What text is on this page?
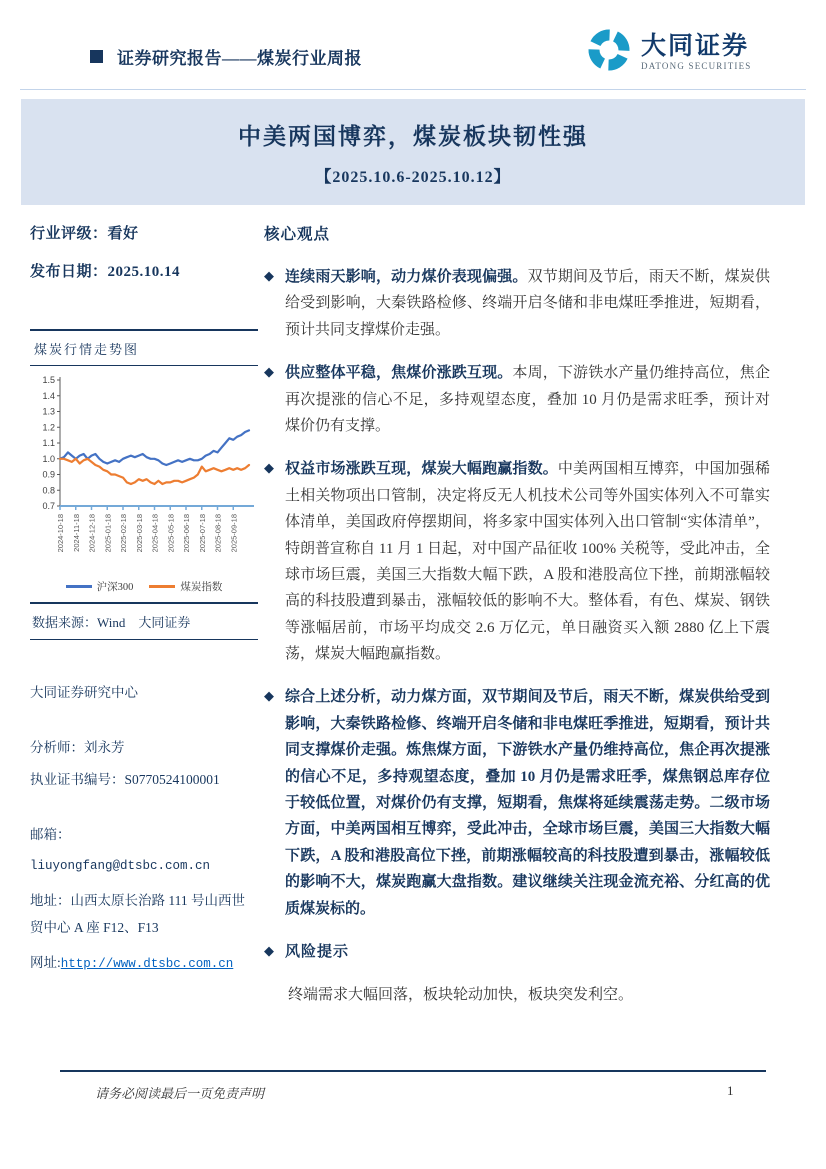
证券研究报告——煤炭行业周报	大同证券
DATONG SECURITIES
中美两国博弈，煤炭板块韧性强
【2025.10.6-2025.10.12】
行业评级：看好
发布日期：2025.10.14
煤炭行情走势图
0.7
0.8
0.9
1.0
1.1
1.2
1.3
1.4
1.5
2024-10-18 2024-11-18 2024-12-18 2025-01-18 2025-02-18 2025-03-18 2025-04-18 2025-05-18 2025-06-18 2025-07-18 2025-08-18 2025-09-18
沪深300	煤炭指数
数据来源：Wind　大同证券
大同证券研究中心
分析师：刘永芳
执业证书编号：S0770524100001
邮箱：
liuyongfang@dtsbc.com.cn
地址：山西太原长治路 111 号山西世贸中心 A 座 F12、F13
网址:http://www.dtsbc.com.cn
核心观点
◆ 连续雨天影响，动力煤价表现偏强。双节期间及节后，雨天不断，煤炭供给受到影响，大秦铁路检修、终端开启冬储和非电煤旺季推进，短期看，预计共同支撑煤价走强。
◆ 供应整体平稳，焦煤价涨跌互现。本周，下游铁水产量仍维持高位，焦企再次提涨的信心不足，多持观望态度，叠加 10 月仍是需求旺季，预计对煤价仍有支撑。
◆ 权益市场涨跌互现，煤炭大幅跑赢指数。中美两国相互博弈，中国加强稀土相关物项出口管制，决定将反无人机技术公司等外国实体列入不可靠实体清单，美国政府停摆期间，将多家中国实体列入出口管制“实体清单”，特朗普宣称自 11 月 1 日起，对中国产品征收 100% 关税等，受此冲击，全球市场巨震，美国三大指数大幅下跌，A 股和港股高位下挫，前期涨幅较高的科技股遭到暴击，涨幅较低的影响不大。整体看，有色、煤炭、钢铁等涨幅居前，市场平均成交 2.6 万亿元，单日融资买入额 2880 亿上下震荡，煤炭大幅跑赢指数。
◆ 综合上述分析，动力煤方面，双节期间及节后，雨天不断，煤炭供给受到影响，大秦铁路检修、终端开启冬储和非电煤旺季推进，短期看，预计共同支撑煤价走强。炼焦煤方面，下游铁水产量仍维持高位，焦企再次提涨的信心不足，多持观望态度，叠加 10 月仍是需求旺季，煤焦钢总库存位于较低位置，对煤价仍有支撑，短期看，焦煤将延续震荡走势。二级市场方面，中美两国相互博弈，受此冲击，全球市场巨震，美国三大指数大幅下跌，A 股和港股高位下挫，前期涨幅较高的科技股遭到暴击，涨幅较低的影响不大，煤炭跑赢大盘指数。建议继续关注现金流充裕、分红高的优质煤炭标的。
◆ 风险提示
终端需求大幅回落，板块轮动加快，板块突发利空。
请务必阅读最后一页免责声明	1
